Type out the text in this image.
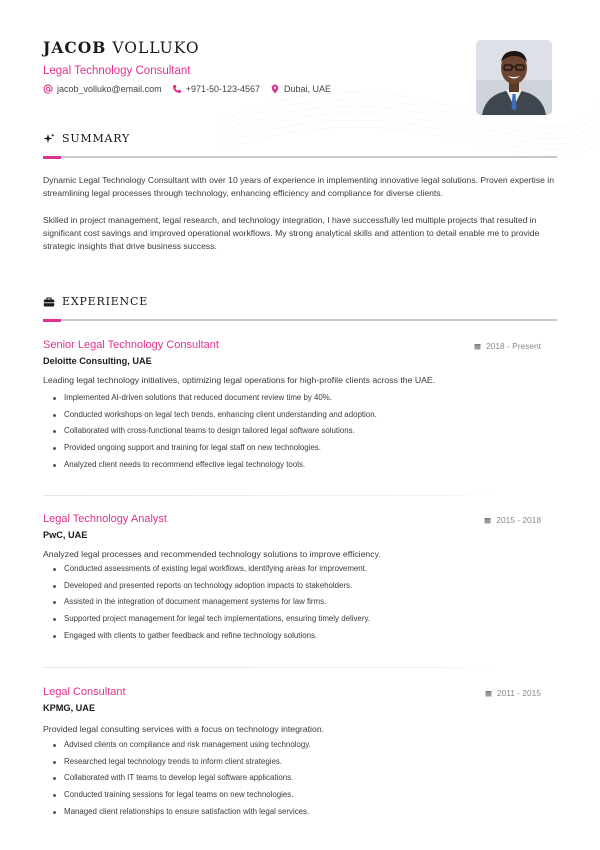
JACOB VOLLUKO
Legal Technology Consultant
jacob_volluko@email.com	+971-50-123-4567	Dubai, UAE
SUMMARY

Dynamic Legal Technology Consultant with over 10 years of experience in implementing innovative legal solutions. Proven expertise in streamlining legal processes through technology, enhancing efficiency and compliance for diverse clients.

Skilled in project management, legal research, and technology integration, I have successfully led multiple projects that resulted in significant cost savings and improved operational workflows. My strong analytical skills and attention to detail enable me to provide strategic insights that drive business success.

EXPERIENCE
Senior Legal Technology Consultant	2018 - Present
Deloitte Consulting, UAE
Leading legal technology initiatives, optimizing legal operations for high-profile clients across the UAE.
Implemented AI-driven solutions that reduced document review time by 40%.
Conducted workshops on legal tech trends, enhancing client understanding and adoption.
Collaborated with cross-functional teams to design tailored legal software solutions.
Provided ongoing support and training for legal staff on new technologies.
Analyzed client needs to recommend effective legal technology tools.
Legal Technology Analyst	2015 - 2018
PwC, UAE
Analyzed legal processes and recommended technology solutions to improve efficiency.
Conducted assessments of existing legal workflows, identifying areas for improvement.
Developed and presented reports on technology adoption impacts to stakeholders.
Assisted in the integration of document management systems for law firms.
Supported project management for legal tech implementations, ensuring timely delivery.
Engaged with clients to gather feedback and refine technology solutions.
Legal Consultant	2011 - 2015
KPMG, UAE
Provided legal consulting services with a focus on technology integration.
Advised clients on compliance and risk management using technology.
Researched legal technology trends to inform client strategies.
Collaborated with IT teams to develop legal software applications.
Conducted training sessions for legal teams on new technologies.
Managed client relationships to ensure satisfaction with legal services.
